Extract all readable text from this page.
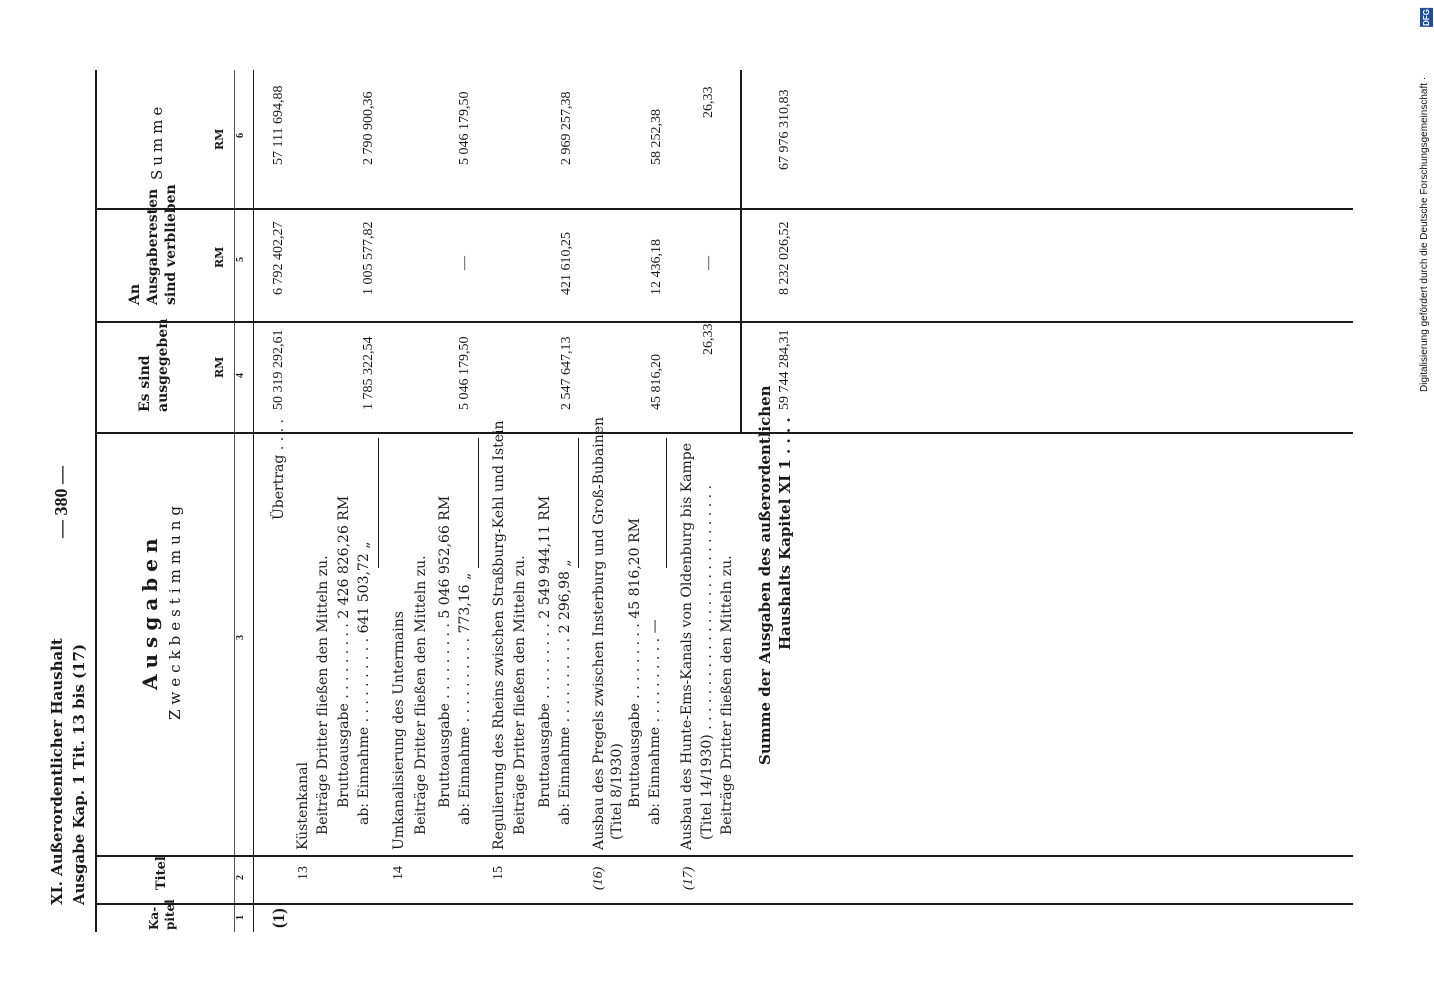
Digitalisierung gefördert durch die Deutsche Forschungsgemeinschaft ·
DFG
XI. Außerordentlicher Haushalt Ausgabe Kap. 1 Tit. 13 bis (17)
— 380 —
Ka- pitel
Titel
Ausgaben Zweckbestimmung
Es sind ausgegeben
An Ausgaberesten sind verblieben
Summe
RM
RM
RM
1
2
3
4
5
6
(1)
Übertrag . . . .
50 319 292,61
6 792 402,27
57 111 694,88
13
Küstenkanal Beiträge Dritter fließen den Mitteln zu. Bruttoausgabe . . . . . . . . . 2 426 826,26 RM ab: Einnahme . . . . . . . . . . 641 503,72 „
1 785 322,54
1 005 577,82
2 790 900,36
14
Umkanalisierung des Untermains Beiträge Dritter fließen den Mitteln zu. Bruttoausgabe . . . . . . . . . 5 046 952,66 RM ab: Einnahme . . . . . . . . . . 773,16 „
5 046 179,50
—
5 046 179,50
15
Regulierung des Rheins zwischen Straßburg-Kehl und Istein Beiträge Dritter fließen den Mitteln zu. Bruttoausgabe . . . . . . . . . 2 549 944,11 RM ab: Einnahme . . . . . . . . . . 2 296,98 „
2 547 647,13
421 610,25
2 969 257,38
(16)
Ausbau des Pregels zwischen Insterburg und Groß-Bubainen (Titel 8/1930) Bruttoausgabe . . . . . . . . . 45 816,20 RM ab: Einnahme . . . . . . . . . . —
45 816,20
12 436,18
58 252,38
(17)
Ausbau des Hunte-Ems-Kanals von Oldenburg bis Kampe (Titel 14/1930) . . . . . . . . . . . . . . . . . . . . . . . . . . . . Beiträge Dritter fließen den Mitteln zu.
26,33
—
26,33
Summe der Ausgaben des außerordentlichen Haushalts Kapitel XI 1 . . . .
59 744 284,31
8 232 026,52
67 976 310,83
